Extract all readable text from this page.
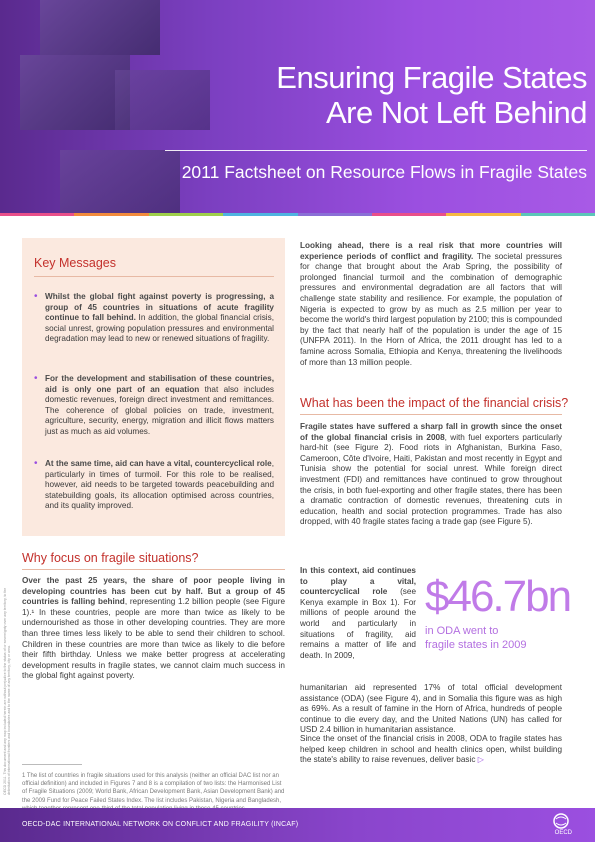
Ensuring Fragile States
Are Not Left Behind
2011 Factsheet on Resource Flows in Fragile States
Key Messages
• Whilst the global fight against poverty is progressing, a group of 45 countries in situations of acute fragility continue to fall behind. In addition, the global financial crisis, social unrest, growing population pressures and environmental degradation may lead to new or renewed situations of fragility.
• For the development and stabilisation of these countries, aid is only one part of an equation that also includes domestic revenues, foreign direct investment and remittances. The coherence of global policies on trade, investment, agriculture, security, energy, migration and illicit flows matters just as much as aid volumes.
• At the same time, aid can have a vital, countercyclical role, particularly in times of turmoil. For this role to be realised, however, aid needs to be targeted towards peacebuilding and statebuilding goals, its allocation optimised across countries, and its quality improved.
Why focus on fragile situations?
Over the past 25 years, the share of poor people living in developing countries has been cut by half. But a group of 45 countries is falling behind, representing 1.2 billion people (see Figure 1).¹ In these countries, people are more than twice as likely to be undernourished as those in other developing countries. They are more than three times less likely to be able to send their children to school. Children in these countries are more than twice as likely to die before their fifth birthday. Unless we make better progress at accelerating development results in fragile states, we cannot claim much success in the global fight against poverty.
OECD 2011. This document and any map included herein are without prejudice to the status of or sovereignty over any territory, to the delimitation of international frontiers and boundaries and to the name of any territory, city or area.	1 The list of countries in fragile situations used for this analysis (neither an official DAC list nor an official definition) and included in Figures 7 and 8 is a compilation of two lists: the Harmonised List of Fragile Situations (2009; World Bank, African Development Bank, Asian Development Bank) and the 2009 Fund for Peace Failed States Index. The list includes Pakistan, Nigeria and Bangladesh,
Looking ahead, there is a real risk that more countries will experience periods of conflict and fragility. The societal pressures for change that brought about the Arab Spring, the possibility of prolonged financial turmoil and the combination of demographic pressures and environmental degradation are all factors that will challenge state stability and resilience. For example, the population of Nigeria is expected to grow by as much as 2.5 million per year to become the world's third largest population by 2100; this is compounded by the fact that nearly half of the population is under the age of 15 (UNFPA 2011). In the Horn of Africa, the 2011 drought has led to a famine across Somalia, Ethiopia and Kenya, threatening the livelihoods of more than 13 million people.
What has been the impact of the financial crisis?
Fragile states have suffered a sharp fall in growth since the onset of the global financial crisis in 2008, with fuel exporters particularly hard-hit (see Figure 2). Food riots in Afghanistan, Burkina Faso, Cameroon, Côte d'Ivoire, Haiti, Pakistan and most recently in Egypt and Tunisia show the potential for social unrest. While foreign direct investment (FDI) and remittances have continued to grow throughout the crisis, in both fuel-exporting and other fragile states, there has been a dramatic contraction of domestic revenues, threatening cuts in education, health and social protection programmes. Trade has also dropped, with 40 fragile states facing a trade gap (see Figure 5).
In this context, aid continues to play a vital, countercyclical role (see Kenya example in Box 1). For millions of people around the world and particularly in situations of fragility, aid remains a matter of life and death. In 2009,
humanitarian aid represented 17% of total official development assistance (ODA) (see Figure 4), and in Somalia this figure was as high as 69%. As a result of famine in the Horn of Africa, hundreds of people continue to die every day, and the United Nations (UN) has called for USD 2.4 billion in humanitarian assistance.
Since the onset of the financial crisis in 2008, ODA to fragile states has helped keep children in school and health clinics open, whilst building the state's ability to raise revenues, deliver basic ▷
$46.7bn
in ODA went to
fragile states in 2009
OECD-DAC INTERNATIONAL NETWORK ON CONFLICT AND FRAGILITY (INCAF)
OECD
